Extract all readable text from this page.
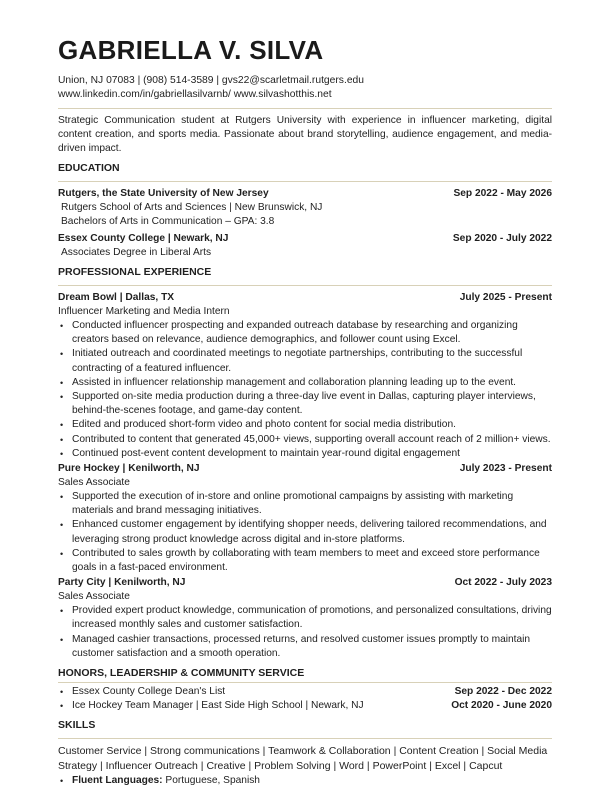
GABRIELLA V. SILVA
Union, NJ 07083 | (908) 514-3589 | gvs22@scarletmail.rutgers.edu
www.linkedin.com/in/gabriellasilvarnb/ www.silvashotthis.net
Strategic Communication student at Rutgers University with experience in influencer marketing, digital content creation, and sports media. Passionate about brand storytelling, audience engagement, and media-driven impact.
EDUCATION
Rutgers, the State University of New Jersey	Sep 2022 - May 2026
Rutgers School of Arts and Sciences | New Brunswick, NJ
Bachelors of Arts in Communication – GPA: 3.8
Essex County College | Newark, NJ	Sep 2020 - July 2022
Associates Degree in Liberal Arts
PROFESSIONAL EXPERIENCE
Dream Bowl | Dallas, TX	July 2025 - Present
Influencer Marketing and Media Intern
• Conducted influencer prospecting and expanded outreach database by researching and organizing creators based on relevance, audience demographics, and follower count using Excel.
• Initiated outreach and coordinated meetings to negotiate partnerships, contributing to the successful contracting of a featured influencer.
• Assisted in influencer relationship management and collaboration planning leading up to the event.
• Supported on-site media production during a three-day live event in Dallas, capturing player interviews, behind-the-scenes footage, and game-day content.
• Edited and produced short-form video and photo content for social media distribution.
• Contributed to content that generated 45,000+ views, supporting overall account reach of 2 million+ views.
• Continued post-event content development to maintain year-round digital engagement
Pure Hockey | Kenilworth, NJ	July 2023 - Present
Sales Associate
• Supported the execution of in-store and online promotional campaigns by assisting with marketing materials and brand messaging initiatives.
• Enhanced customer engagement by identifying shopper needs, delivering tailored recommendations, and leveraging strong product knowledge across digital and in-store platforms.
• Contributed to sales growth by collaborating with team members to meet and exceed store performance goals in a fast-paced environment.
Party City | Kenilworth, NJ	Oct 2022 - July 2023
Sales Associate
• Provided expert product knowledge, communication of promotions, and personalized consultations, driving increased monthly sales and customer satisfaction.
• Managed cashier transactions, processed returns, and resolved customer issues promptly to maintain customer satisfaction and a smooth operation.
HONORS, LEADERSHIP & COMMUNITY SERVICE
• Essex County College Dean's List	Sep 2022 - Dec 2022
• Ice Hockey Team Manager | East Side High School | Newark, NJ	Oct 2020 - June 2020
SKILLS
Customer Service | Strong communications | Teamwork & Collaboration | Content Creation | Social Media Strategy | Influencer Outreach | Creative | Problem Solving | Word | PowerPoint | Excel | Capcut
• Fluent Languages: Portuguese, Spanish
